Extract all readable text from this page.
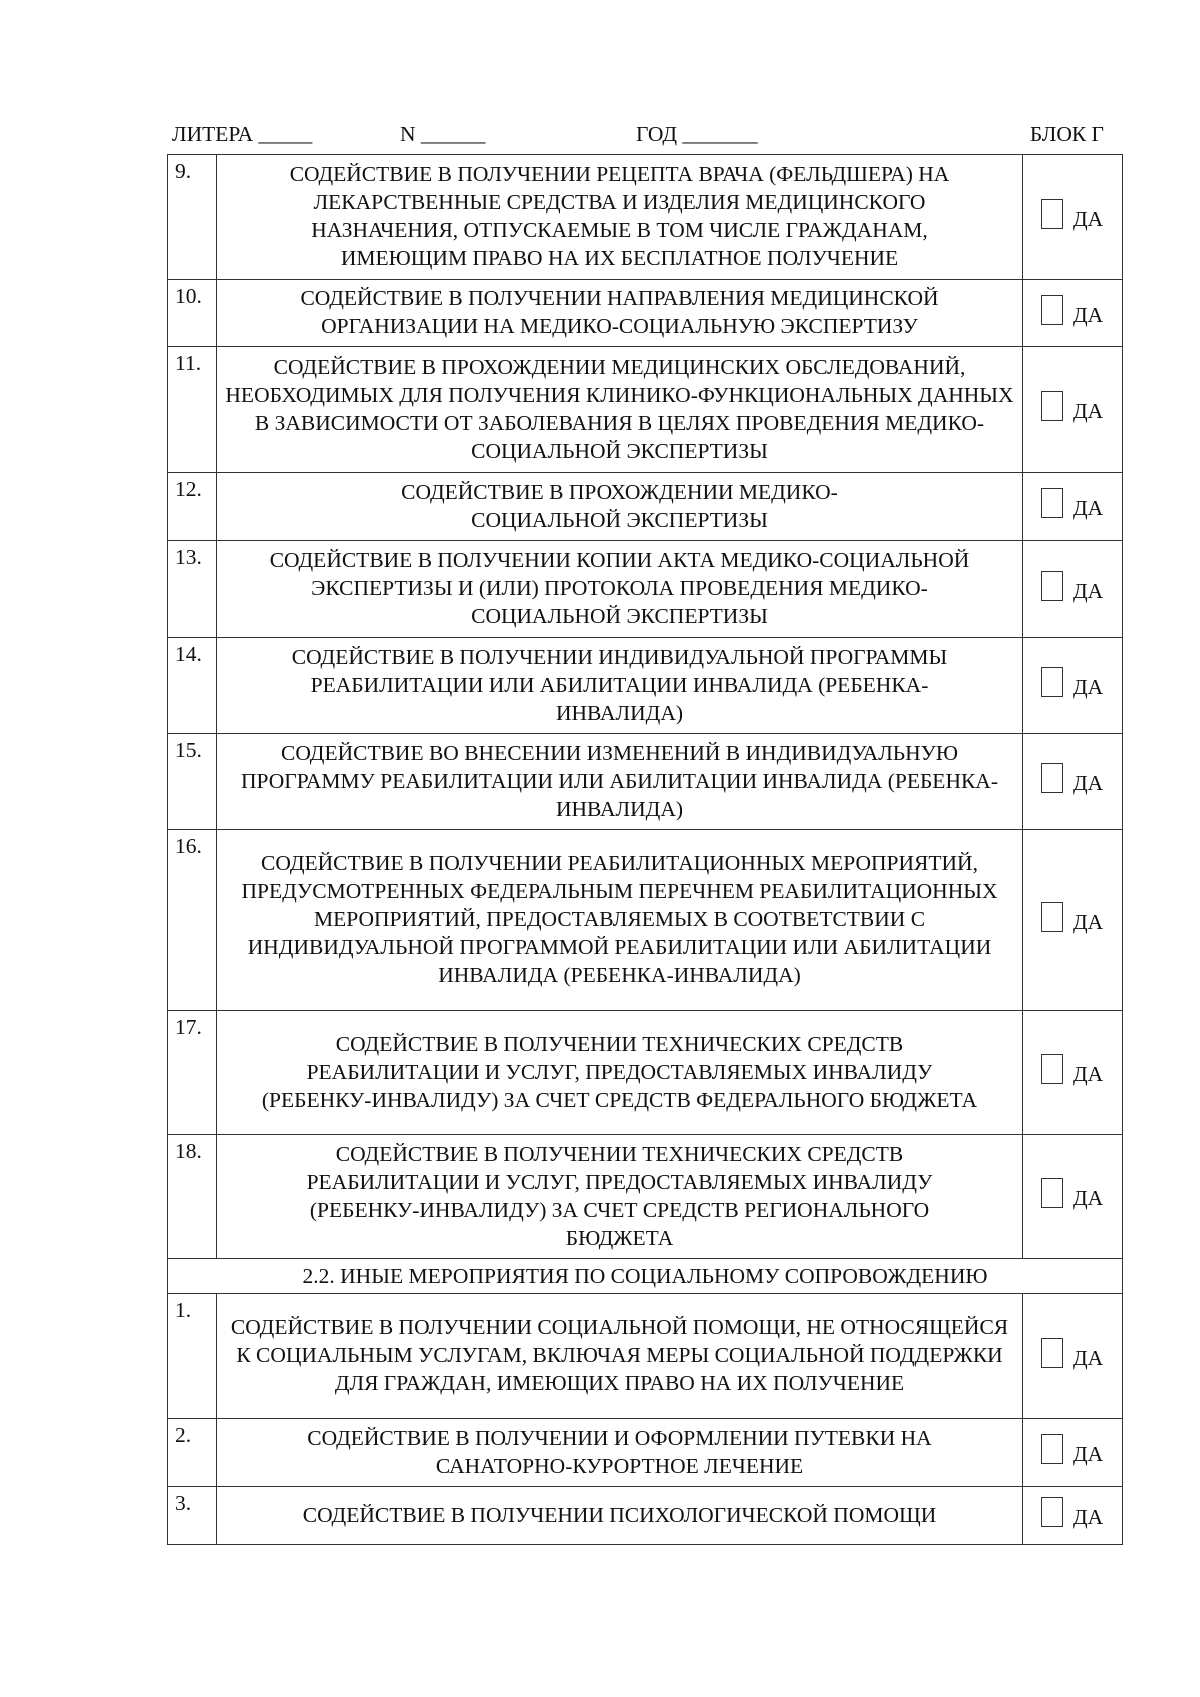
ЛИТЕРА _____	N ______	ГОД _______	БЛОК Г
9.	СОДЕЙСТВИЕ В ПОЛУЧЕНИИ РЕЦЕПТА ВРАЧА (ФЕЛЬДШЕРА) НА ЛЕКАРСТВЕННЫЕ СРЕДСТВА И ИЗДЕЛИЯ МЕДИЦИНСКОГО НАЗНАЧЕНИЯ, ОТПУСКАЕМЫЕ В ТОМ ЧИСЛЕ ГРАЖДАНАМ, ИМЕЮЩИМ ПРАВО НА ИХ БЕСПЛАТНОЕ ПОЛУЧЕНИЕ	ДА

10.	СОДЕЙСТВИЕ В ПОЛУЧЕНИИ НАПРАВЛЕНИЯ МЕДИЦИНСКОЙ ОРГАНИЗАЦИИ НА МЕДИКО-СОЦИАЛЬНУЮ ЭКСПЕРТИЗУ	ДА

11.	СОДЕЙСТВИЕ В ПРОХОЖДЕНИИ МЕДИЦИНСКИХ ОБСЛЕДОВАНИЙ, НЕОБХОДИМЫХ ДЛЯ ПОЛУЧЕНИЯ КЛИНИКО-ФУНКЦИОНАЛЬНЫХ ДАННЫХ В ЗАВИСИМОСТИ ОТ ЗАБОЛЕВАНИЯ В ЦЕЛЯХ ПРОВЕДЕНИЯ МЕДИКО-СОЦИАЛЬНОЙ ЭКСПЕРТИЗЫ	ДА

12.	СОДЕЙСТВИЕ В ПРОХОЖДЕНИИ МЕДИКО-СОЦИАЛЬНОЙ ЭКСПЕРТИЗЫ	ДА

13.	СОДЕЙСТВИЕ В ПОЛУЧЕНИИ КОПИИ АКТА МЕДИКО-СОЦИАЛЬНОЙ ЭКСПЕРТИЗЫ И (ИЛИ) ПРОТОКОЛА ПРОВЕДЕНИЯ МЕДИКО-СОЦИАЛЬНОЙ ЭКСПЕРТИЗЫ	ДА

14.	СОДЕЙСТВИЕ В ПОЛУЧЕНИИ ИНДИВИДУАЛЬНОЙ ПРОГРАММЫ РЕАБИЛИТАЦИИ ИЛИ АБИЛИТАЦИИ ИНВАЛИДА (РЕБЕНКА-ИНВАЛИДА)	ДА

15.	СОДЕЙСТВИЕ ВО ВНЕСЕНИИ ИЗМЕНЕНИЙ В ИНДИВИДУАЛЬНУЮ ПРОГРАММУ РЕАБИЛИТАЦИИ ИЛИ АБИЛИТАЦИИ ИНВАЛИДА (РЕБЕНКА-ИНВАЛИДА)	ДА

16.	СОДЕЙСТВИЕ В ПОЛУЧЕНИИ РЕАБИЛИТАЦИОННЫХ МЕРОПРИЯТИЙ, ПРЕДУСМОТРЕННЫХ ФЕДЕРАЛЬНЫМ ПЕРЕЧНЕМ РЕАБИЛИТАЦИОННЫХ МЕРОПРИЯТИЙ, ПРЕДОСТАВЛЯЕМЫХ В СООТВЕТСТВИИ С ИНДИВИДУАЛЬНОЙ ПРОГРАММОЙ РЕАБИЛИТАЦИИ ИЛИ АБИЛИТАЦИИ ИНВАЛИДА (РЕБЕНКА-ИНВАЛИДА)	ДА

17.	СОДЕЙСТВИЕ В ПОЛУЧЕНИИ ТЕХНИЧЕСКИХ СРЕДСТВ РЕАБИЛИТАЦИИ И УСЛУГ, ПРЕДОСТАВЛЯЕМЫХ ИНВАЛИДУ (РЕБЕНКУ-ИНВАЛИДУ) ЗА СЧЕТ СРЕДСТВ ФЕДЕРАЛЬНОГО БЮДЖЕТА	ДА

18.	СОДЕЙСТВИЕ В ПОЛУЧЕНИИ ТЕХНИЧЕСКИХ СРЕДСТВ РЕАБИЛИТАЦИИ И УСЛУГ, ПРЕДОСТАВЛЯЕМЫХ ИНВАЛИДУ (РЕБЕНКУ-ИНВАЛИДУ) ЗА СЧЕТ СРЕДСТВ РЕГИОНАЛЬНОГО БЮДЖЕТА	ДА

2.2. ИНЫЕ МЕРОПРИЯТИЯ ПО СОЦИАЛЬНОМУ СОПРОВОЖДЕНИЮ		
1.	СОДЕЙСТВИЕ В ПОЛУЧЕНИИ СОЦИАЛЬНОЙ ПОМОЩИ, НЕ ОТНОСЯЩЕЙСЯ К СОЦИАЛЬНЫМ УСЛУГАМ, ВКЛЮЧАЯ МЕРЫ СОЦИАЛЬНОЙ ПОДДЕРЖКИ ДЛЯ ГРАЖДАН, ИМЕЮЩИХ ПРАВО НА ИХ ПОЛУЧЕНИЕ	ДА

2.	СОДЕЙСТВИЕ В ПОЛУЧЕНИИ И ОФОРМЛЕНИИ ПУТЕВКИ НА САНАТОРНО-КУРОРТНОЕ ЛЕЧЕНИЕ	ДА

3.	СОДЕЙСТВИЕ В ПОЛУЧЕНИИ ПСИХОЛОГИЧЕСКОЙ ПОМОЩИ	ДА
